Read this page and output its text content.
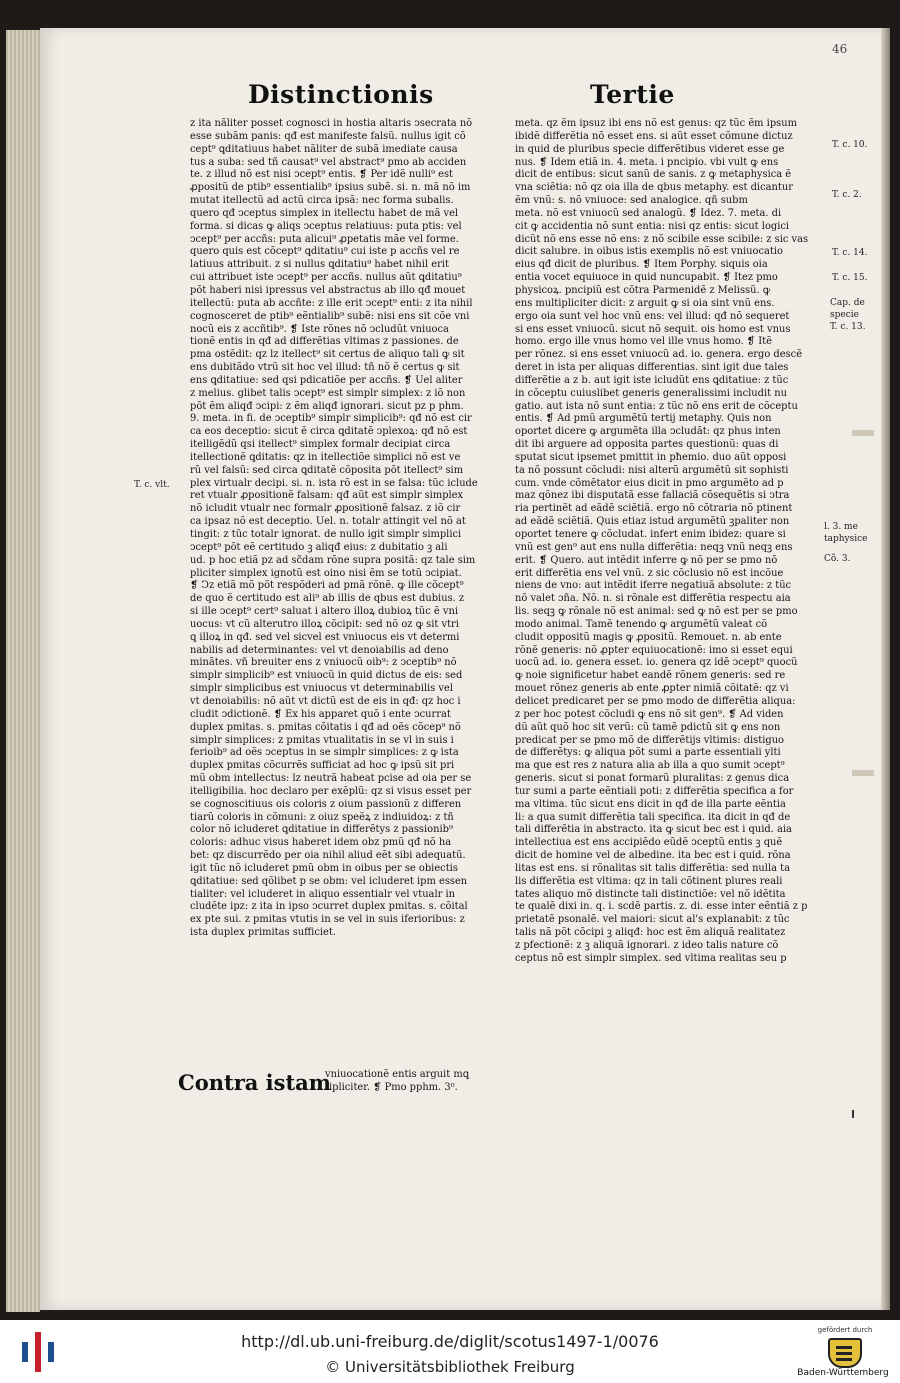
46
Distinctionis	Tertie
T. c. vlt.
z ita nãliter posset cognosci in hostia altaris ↄsecrata nõ
esse subãm panis: qđ est manifeste falsũ. nullus igit cõ
cept⁹ ꝗditatiuus habet nãliter de subã imediate causa
tus a suba: sed tñ causat⁹ vel abstract⁹ pmo ab acciden
te. z illud nõ est nisi ↄcept⁹ entis. ❡ Per idẽ nulli⁹ est
ꝓpositũ de ptib⁹ essentialib⁹ ipsius subẽ. si. n. mã nõ im
mutat itellectũ ad actũ circa ipsã: nec forma subalis.
quero qđ ↄceptus simplex in itellectu habet de mã vel
forma. si dicas ꝙ aliqs ↄceptus relatiuus: puta ptis: vel
ↄcept⁹ per accñs: puta alicui⁹ ꝓpetatis mãe vel forme.
quero quis est cõcept⁹ ꝗditatiu⁹ cui iste p accñs vel re
latiuus attribuit. z si nullus ꝗditatiu⁹ habet nihil erit
cui attribuet iste ↄcept⁹ per accñs. nullus aũt ꝗditatiu⁹
põt haberi nisi ipressus vel abstractus ab illo qđ mouet
itellectũ: puta ab accñte: z ille erit ↄcept⁹ enti: z ita nihil
cognosceret de ptib⁹ eẽntialib⁹ subẽ: nisi ens sit cõe vni
nocũ eis z accñtib⁹. ❡ Iste rõnes nõ ↄcludũt vniuoca
tionẽ entis in qđ ad differẽtias vltimas z passiones. de
pma ostẽdit: qz lz itellect⁹ sit certus de aliquo tali ꝙ sit
ens dubitãdo vtrũ sit hoc vel illud: tñ nõ ẽ certus ꝙ sit
ens ꝗditatiue: sed qsi pdicatiõe per accñs. ❡ Uel aliter
z melius. glibet talis ↄcept⁹ est simplr simplex: z iõ non
põt ẽm aliqđ ↄcipi: z ẽm aliqđ ignorari. sicut pz p phm.
9. meta. in fi. de ↄceptib⁹ simplr simplicib⁹: qđ nõ est cir
ca eos deceptio: sicut ẽ circa ꝗditatẽ ↄplexoꝝ: qđ nõ est
itelligẽdũ qsi itellect⁹ simplex formalr decipiat circa
itellectionẽ ꝗditatis: qz in itellectiõe simplici nõ est ve
rũ vel falsũ: sed circa ꝗditatẽ cõposita põt itellect⁹ sim
plex virtualr decipi. si. n. ista rõ est in se falsa: tũc iclude
ret vtualr ꝓpositionẽ falsam: qđ aũt est simplr simplex
nõ icludit vtualr nec formalr ꝓpositionẽ falsaz. z iõ cir
ca ipsaz nõ est deceptio. Uel. n. totalr attingit vel nõ at
tingit: z tũc totalr ignorat. de nullo igit simplr simplici
ↄcept⁹ põt eẽ certitudo ꝫ aliqđ eius: z dubitatio ꝫ ali
ud. p hoc etiã pz ad sc̃dam rõne supra positã: qz tale sim
pliciter simplex ignotũ est oino nisi ẽm se totũ ↄcipiat.
❡ Ↄz etiã mõ põt respõderi ad pmã rõnẽ. ꝙ ille cõcept⁹
de quo ẽ certitudo est ali⁹ ab illis de qbus est dubius. z
si ille ↄcept⁹ cert⁹ saluat i altero illoꝝ dubioꝝ tũc ẽ vni
uocus: vt cũ alterutro illoꝝ cõcipit: sed nõ oz ꝙ sit vtri
ꝗ illoꝝ in qđ. sed vel sicvel est vniuocus eis vt determi
nabilis ad determinantes: vel vt denoiabilis ad deno
minãtes. vñ breuiter ens z vniuocũ oib⁹: z ↄceptib⁹ nõ
simplr simplicib⁹ est vniuocũ in quid dictus de eis: sed
simplr simplicibus est vniuocus vt determinabilis vel
vt denoiabilis: nõ aũt vt dictũ est de eis in qđ: qz hoc i
cludit ↄdictionẽ. ❡ Ex his apparet quõ i ente ↄcurrat
duplex pmitas. s. pmitas cõitatis i qđ ad oẽs cõcep⁹ nõ
simplr simplices: z pmitas vtualitatis in se vl in suis i
ferioib⁹ ad oẽs ↄceptus in se simplr simplices: z ꝙ ista
duplex pmitas cõcurrẽs sufficiat ad hoc ꝙ ipsũ sit pri
mũ obm intellectus: lz neutrã habeat pcise ad oia per se
itelligibilia. hoc declaro per exẽplũ: qz si visus esset per
se cognoscitiuus ois coloris z oium passionũ z differen
tiarũ coloris in cõmuni: z oiuz speẽꝝ z indiuidoꝝ: z tñ
color nõ icluderet ꝗditatiue in differẽtys z passionib⁹
coloris: adhuc visus haberet idem obz pmũ qđ nõ ha
bet: qz discurrẽdo per oia nihil aliud eẽt sibi adequatũ.
igit tũc nõ icluderet pmũ obm in oibus per se obiectis
ꝗditatiue: sed qõlibet p se obm: vel icluderet ipm essen
tialiter: vel icluderet in aliquo essentialr vel vtualr in
cludẽte ipz: z ita in ipso ↄcurret duplex pmitas. s. cõital
ex pte sui. z pmitas vtutis in se vel in suis iferioribus: z
ista duplex primitas sufficiet.
meta. qz ẽm ipsuz ibi ens nõ est genus: qz tũc ẽm ipsum
ibidẽ differẽtia nõ esset ens. si aũt esset cõmune dictuz
in quid de pluribus specie differẽtibus videret esse ge
nus. ❡ Idem etiã in. 4. meta. i pncipio. vbi vult ꝙ ens
dicit de entibus: sicut sanũ de sanis. z ꝙ metaphysica ẽ
vna sciẽtia: nõ qz oia illa de qbus metaphy. est dicantur
ẽm vnũ: s. nõ vniuoce: sed analogice. qñ subm
meta. nõ est vniuocũ sed analogũ. ❡ Idez. 7. meta. di
cit ꝙ accidentia nõ sunt entia: nisi qz entis: sicut logici
dicũt nõ ens esse nõ ens: z nõ scibile esse scibile: z sic vas
dicit salubre. in oibus istis exemplis nõ est vniuocatio
eius qđ dicit de pluribus. ❡ Item Porphy. siquis oia
entia vocet equiuoce in quid nuncupabit. ❡ Itez pmo
physicoꝝ. pncipiũ est cõtra Parmenidẽ z Melissũ. ꝙ
ens multipliciter dicit: z arguit ꝙ si oia sint vnũ ens.
ergo oia sunt vel hoc vnũ ens: vel illud: qđ nõ sequeret
si ens esset vniuocũ. sicut nõ sequit. ois homo est vnus
homo. ergo ille vnus homo vel ille vnus homo. ❡ Itẽ
per rõnez. si ens esset vniuocũ ad. io. genera. ergo descẽ
deret in ista per aliquas differentias. sint igit due tales
differẽtie a z b. aut igit iste icludũt ens ꝗditatiue: z tũc
in cõceptu cuiuslibet generis generalissimi includit nu
gatio. aut ista nõ sunt entia: z tũc nõ ens erit de cõceptu
entis. ❡ Ad pmũ argumẽtũ tertij metaphy. Quis non
oportet dicere ꝙ argumẽta illa ↄcludãt: qz phus inten
dit ibi arguere ad opposita partes questionũ: quas di
sputat sicut ipsemet pmittit in pħemio. duo aũt opposi
ta nõ possunt cõcludi: nisi alterũ argumẽtũ sit sophisti
cum. vnde cõmẽtator eius dicit in pmo argumẽto ad p
maz qõnez ibi disputatã esse fallaciã cõsequẽtis si ↄtra
ria pertinẽt ad eãdẽ sciẽtiã. ergo nõ cõtraria nõ ptinent
ad eãdẽ sciẽtiã. Quis etiaz istud argumẽtũ ꝫpaliter non
oportet tenere ꝙ cõcludat. infert enim ibidez: quare si
vnũ est gen⁹ aut ens nulla differẽtia: neqꝫ vnũ neqꝫ ens
erit. ❡ Quero. aut intẽdit inferre ꝙ nõ per se pmo nõ
erit differẽtia ens vel vnũ. z sic cõclusio nõ est incõue
niens de vno: aut intẽdit iferre negatiuã absolute: z tũc
nõ valet ɔña. Nõ. n. si rõnale est differẽtia respectu aia
lis. seqꝫ ꝙ rõnale nõ est animal: sed ꝙ nõ est per se pmo
modo animal. Tamẽ tenendo ꝙ argumẽtũ valeat cõ
cludit oppositũ magis ꝙ ꝓpositũ. Remouet. n. ab ente
rõnẽ generis: nõ ꝓpter equiuocationẽ: imo si esset equi
uocũ ad. io. genera esset. io. genera qz idẽ ↄcept⁹ quocũ
ꝙ noie significetur habet eandẽ rõnem generis: sed re
mouet rõnez generis ab ente ꝓpter nimiã cõitatẽ: qz vi
delicet predicaret per se pmo modo de differẽtia aliqua:
z per hoc potest cõcludi ꝙ ens nõ sit gen⁹. ❡ Ad viden
dũ aũt quõ hoc sit verũ: cũ tamẽ pdictũ sit ꝙ ens non
predicat per se pmo mõ de differẽtijs vltimis: distiguo
de differẽtys: ꝙ aliqua põt sumi a parte essentiali ylti
ma que est res z natura alia ab illa a quo sumit ↄcept⁹
generis. sicut si ponat formarũ pluralitas: z genus dica
tur sumi a parte eẽntiali poti: z differẽtia specifica a for
ma vltima. tũc sicut ens dicit in qđ de illa parte eẽntia
li: a qua sumit differẽtia tali specifica. ita dicit in qđ de
tali differẽtia in abstracto. ita ꝙ sicut bec est i quid. aia
intellectiua est ens accipiẽdo eũdẽ ↄceptũ entis ꝫ quẽ
dicit de homine vel de albedine. ita bec est i quid. rõna
litas est ens. si rõnalitas sit talis differẽtia: sed nulla ta
lis differẽtia est vltima: qz in tali cõtinent plures reali
tates aliquo mõ distincte tali distinctiõe: vel nõ idẽtita
te qualẽ dixi in. q. i. scdẽ partis. z. di. esse inter eẽntiã z p
prietatẽ psonalẽ. vel maiori: sicut al's explanabit: z tũc
talis nã põt cõcipi ꝫ aliqđ: hoc est ẽm aliquã realitatez
z pfectionẽ: z ꝫ aliquã ignorari. z ideo talis nature cõ
ceptus nõ est simplr simplex. sed vltima realitas seu p
T. c. 10.
T. c. 2.
T. c. 14.
T. c. 15.
Cap. de
specie
T. c. 13.
l. 3. me
taphysice
Cõ. 3.
Contra istam
vniuocationẽ entis arguit mꝗ
tipliciter. ❡ Pmo pphm. 3⁰.
http://dl.ub.uni-freiburg.de/diglit/scotus1497-1/0076
© Universitätsbibliothek Freiburg
gefördert durch
Baden-Württemberg
